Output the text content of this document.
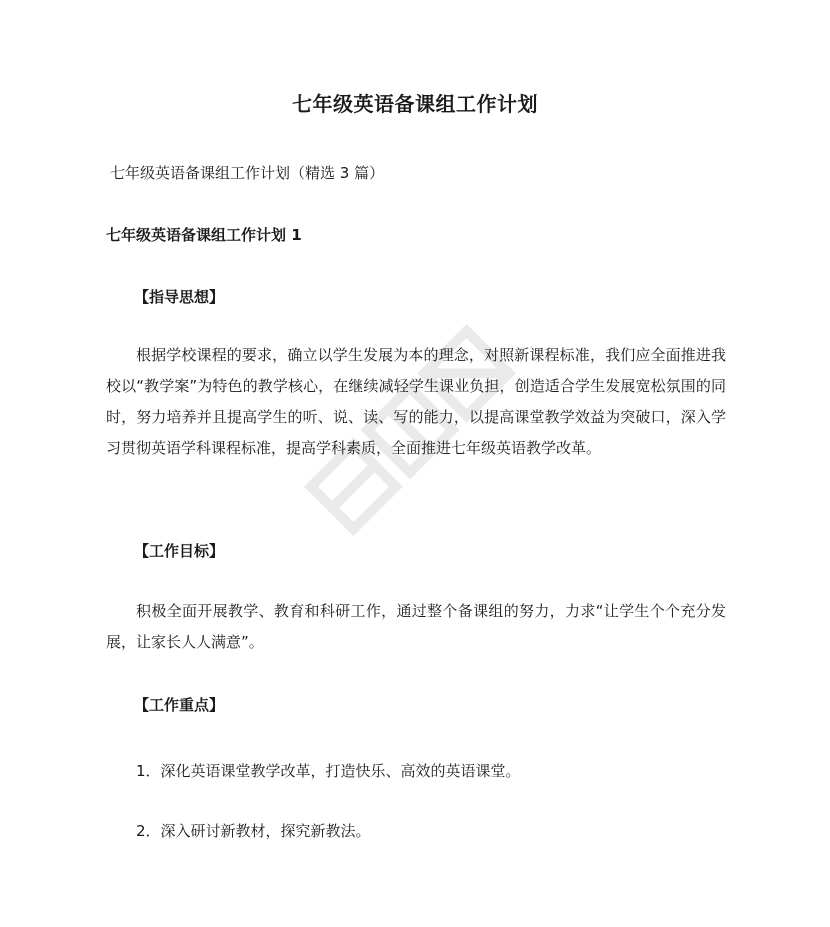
七年级英语备课组工作计划
七年级英语备课组工作计划（精选 3 篇）
七年级英语备课组工作计划 1
【指导思想】
根据学校课程的要求，确立以学生发展为本的理念，对照新课程标准，我们应全面推进我校以“教学案”为特色的教学核心，在继续减轻学生课业负担，创造适合学生发展宽松氛围的同时，努力培养并且提高学生的听、说、读、写的能力，以提高课堂教学效益为突破口，深入学习贯彻英语学科课程标准，提高学科素质，全面推进七年级英语教学改革。
【工作目标】
积极全面开展教学、教育和科研工作，通过整个备课组的努力，力求“让学生个个充分发展，让家长人人满意”。
【工作重点】
1．深化英语课堂教学改革，打造快乐、高效的英语课堂。
2．深入研讨新教材，探究新教法。
